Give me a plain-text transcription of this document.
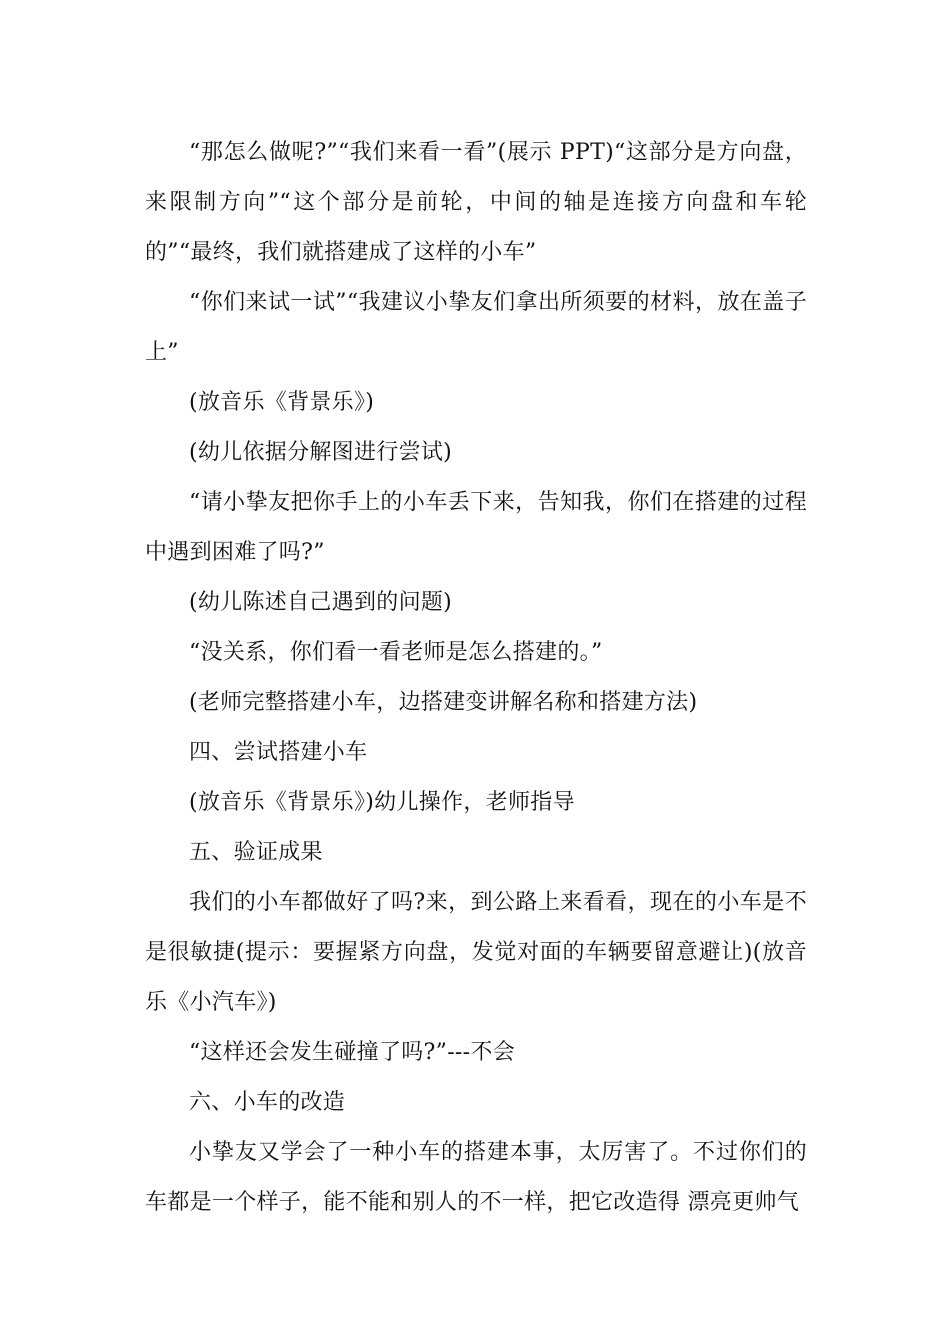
“那怎么做呢?”“我们来看一看”(展示 PPT)“这部分是方向盘，来限制方向”“这个部分是前轮，中间的轴是连接方向盘和车轮的”“最终，我们就搭建成了这样的小车”

“你们来试一试”“我建议小挚友们拿出所须要的材料，放在盖子上”

(放音乐《背景乐》)

(幼儿依据分解图进行尝试)

“请小挚友把你手上的小车丢下来，告知我，你们在搭建的过程中遇到困难了吗?”

(幼儿陈述自己遇到的问题)

“没关系，你们看一看老师是怎么搭建的。”

(老师完整搭建小车，边搭建变讲解名称和搭建方法)

四、尝试搭建小车

(放音乐《背景乐》)幼儿操作，老师指导

五、验证成果

我们的小车都做好了吗?来，到公路上来看看，现在的小车是不是很敏捷(提示：要握紧方向盘，发觉对面的车辆要留意避让)(放音乐《小汽车》)

“这样还会发生碰撞了吗?”---不会

六、小车的改造

小挚友又学会了一种小车的搭建本事，太厉害了。不过你们的车都是一个样子，能不能和别人的不一样，把它改造得 漂亮更帅气
